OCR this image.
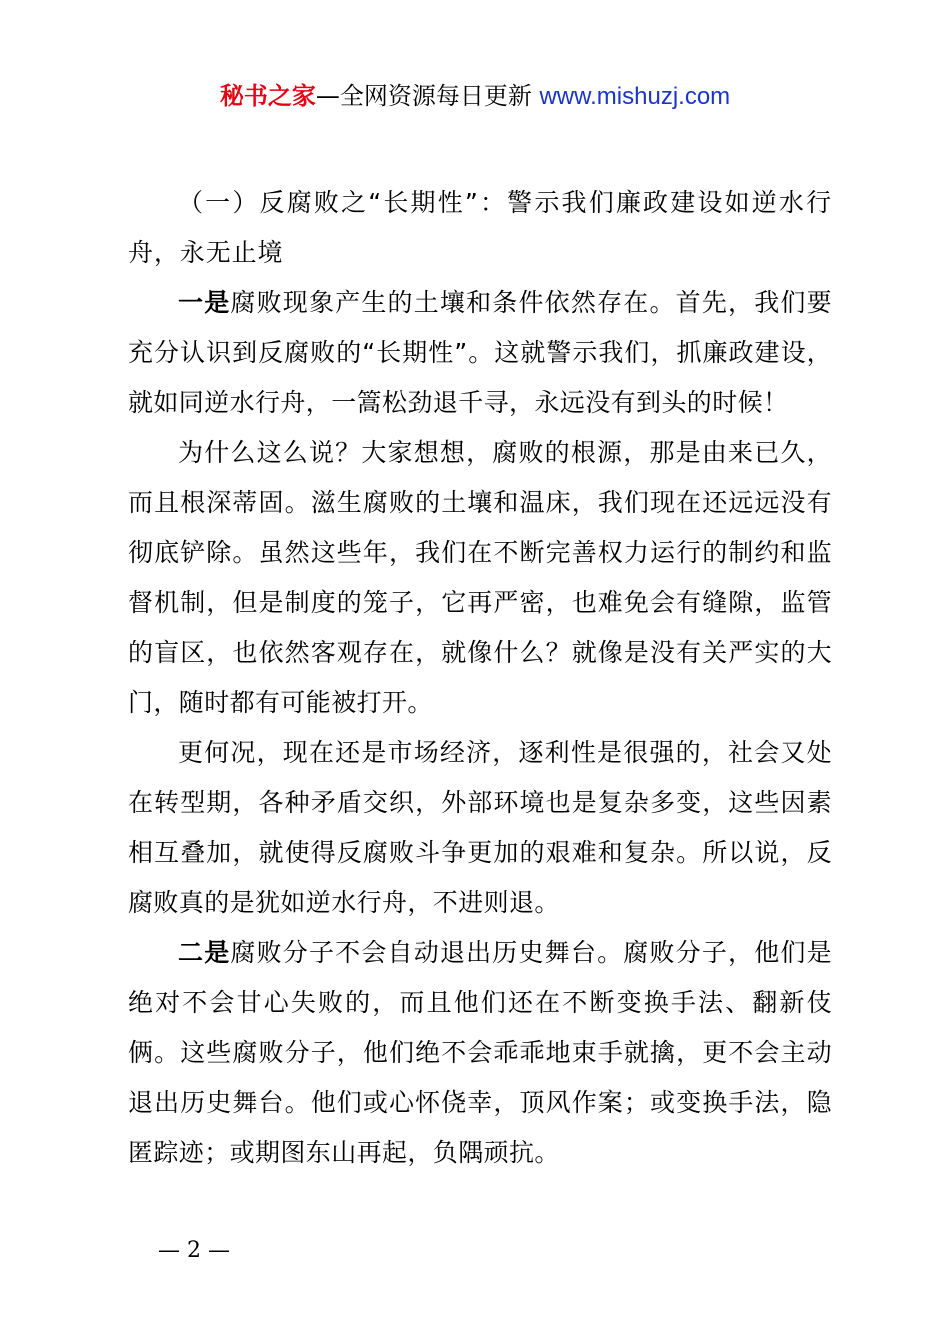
秘书之家—全网资源每日更新 www.mishuzj.com

（一）反腐败之“长期性”：警示我们廉政建设如逆水行舟，永无止境

一是腐败现象产生的土壤和条件依然存在。首先，我们要充分认识到反腐败的“长期性”。这就警示我们，抓廉政建设，就如同逆水行舟，一篙松劲退千寻，永远没有到头的时候！

为什么这么说？大家想想，腐败的根源，那是由来已久，而且根深蒂固。滋生腐败的土壤和温床，我们现在还远远没有彻底铲除。虽然这些年，我们在不断完善权力运行的制约和监督机制，但是制度的笼子，它再严密，也难免会有缝隙，监管的盲区，也依然客观存在，就像什么？就像是没有关严实的大门，随时都有可能被打开。

更何况，现在还是市场经济，逐利性是很强的，社会又处在转型期，各种矛盾交织，外部环境也是复杂多变，这些因素相互叠加，就使得反腐败斗争更加的艰难和复杂。所以说，反腐败真的是犹如逆水行舟，不进则退。

二是腐败分子不会自动退出历史舞台。腐败分子，他们是绝对不会甘心失败的，而且他们还在不断变换手法、翻新伎俩。这些腐败分子，他们绝不会乖乖地束手就擒，更不会主动退出历史舞台。他们或心怀侥幸，顶风作案；或变换手法，隐匿踪迹；或期图东山再起，负隅顽抗。

— 2 —
